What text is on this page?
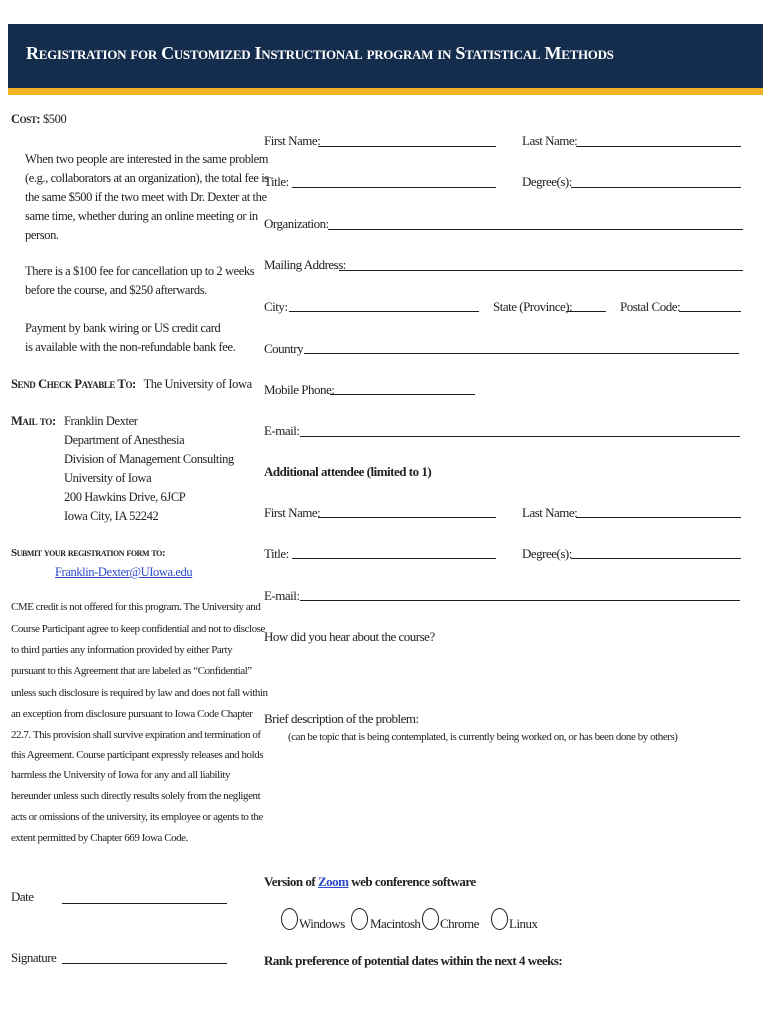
Registration for Customized Instructional program in Statistical Methods
Cost: $500
When two people are interested in the same problem
(e.g., collaborators at an organization), the total fee is
the same $500 if the two meet with Dr. Dexter at the
same time, whether during an online meeting or in
person.
There is a $100 fee for cancellation up to 2 weeks
before the course, and $250 afterwards.
Payment by bank wiring or US credit card
is available with the non-refundable bank fee.
Send Check Payable To: The University of Iowa
Mail to: Franklin Dexter
Department of Anesthesia
Division of Management Consulting
University of Iowa
200 Hawkins Drive, 6JCP
Iowa City, IA 52242
Submit your registration form to:
Franklin-Dexter@UIowa.edu
CME credit is not offered for this program. The University and
Course Participant agree to keep confidential and not to disclose
to third parties any information provided by either Party
pursuant to this Agreement that are labeled as “Confidential”
unless such disclosure is required by law and does not fall within
an exception from disclosure pursuant to Iowa Code Chapter
22.7. This provision shall survive expiration and termination of
this Agreement. Course participant expressly releases and holds
harmless the University of Iowa for any and all liability
hereunder unless such directly results solely from the negligent
acts or omissions of the university, its employee or agents to the
extent permitted by Chapter 669 Iowa Code.
Date
Signature
First Name:	Last Name:
Title:	Degree(s):
Organization:
Mailing Address:
City:	State (Province):	Postal Code:
Country
Mobile Phone:
E-mail:
Additional attendee (limited to 1)
First Name:	Last Name:
Title:	Degree(s):
E-mail:
How did you hear about the course?
Brief description of the problem:
(can be topic that is being contemplated, is currently being worked on, or has been done by others)
Version of Zoom web conference software
Windows Macintosh Chrome Linux
Rank preference of potential dates within the next 4 weeks:
